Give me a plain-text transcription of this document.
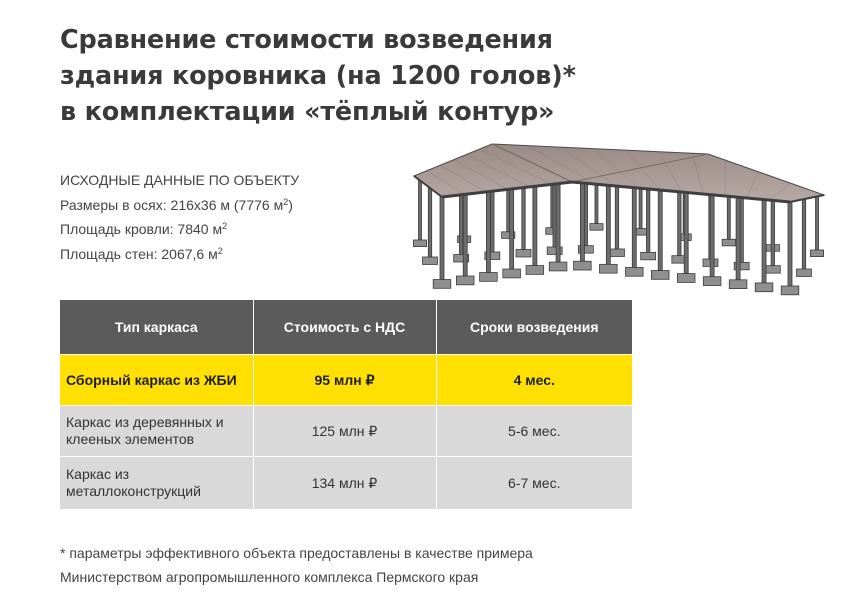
Сравнение стоимости возведения
здания коровника (на 1200 голов)*
в комплектации «тёплый контур»
ИСХОДНЫЕ ДАННЫЕ ПО ОБЪЕКТУ
Размеры в осях: 216х36 м (7776 $м^2$)
Площадь кровли: 7840 $м^2$
Площадь стен: 2067,6 $м^2$
Тип каркаса	Стоимость с НДС	Сроки возведения
Сборный каркас из ЖБИ	95 млн ₽	4 мес.
Каркас из деревянных и клееных элементов	125 млн ₽	5-6 мес.
Каркас из металлоконструкций	134 млн ₽	6-7 мес.
* параметры эффективного объекта предоставлены в качестве примера
Министерством агропромышленного комплекса Пермского края
